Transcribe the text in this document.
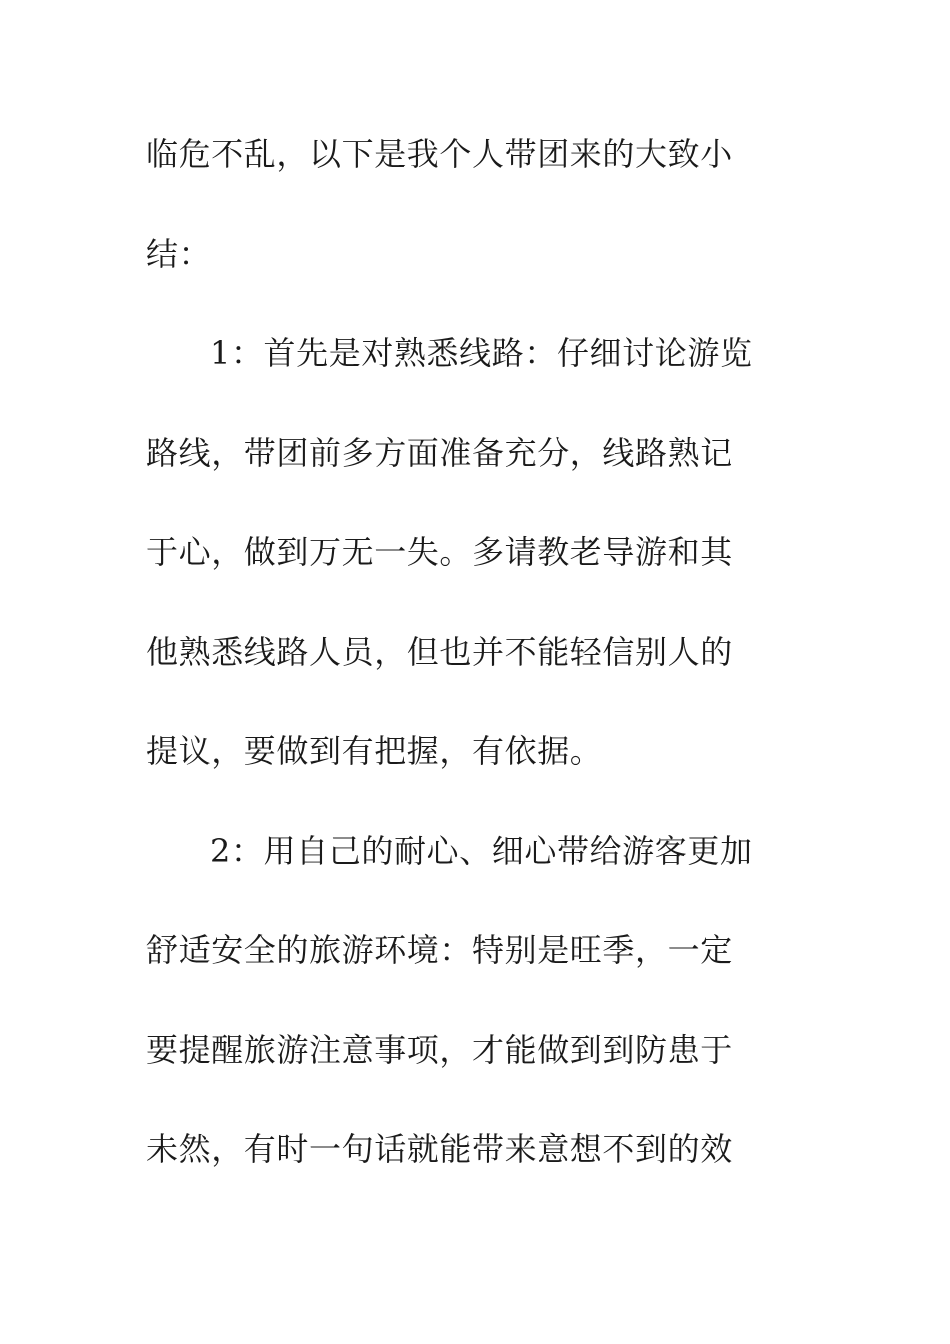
临危不乱，以下是我个人带团来的大致小
结：
1：首先是对熟悉线路：仔细讨论游览
路线，带团前多方面准备充分，线路熟记
于心，做到万无一失。多请教老导游和其
他熟悉线路人员，但也并不能轻信别人的
提议，要做到有把握，有依据。
2：用自己的耐心、细心带给游客更加
舒适安全的旅游环境：特别是旺季，一定
要提醒旅游注意事项，才能做到到防患于
未然，有时一句话就能带来意想不到的效
